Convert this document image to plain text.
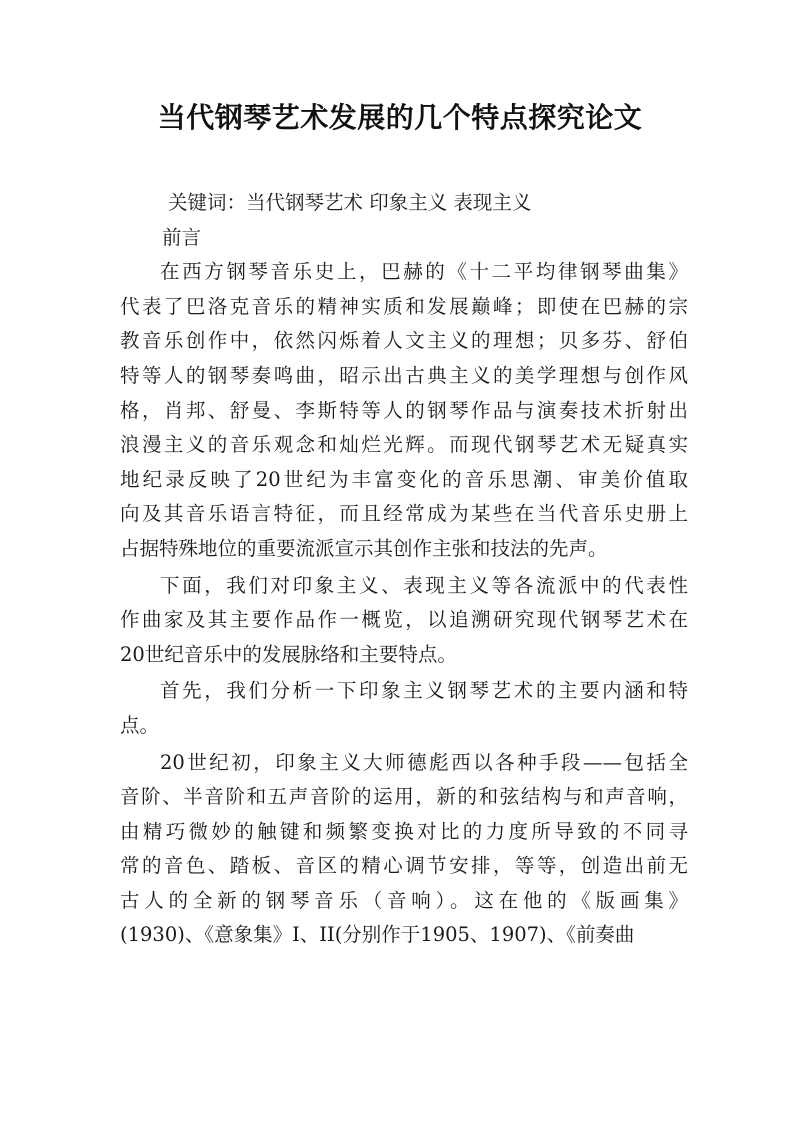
当代钢琴艺术发展的几个特点探究论文

关键词：当代钢琴艺术 印象主义 表现主义

前言

在西方钢琴音乐史上，巴赫的《十二平均律钢琴曲集》
代表了巴洛克音乐的精神实质和发展巅峰；即使在巴赫的宗
教音乐创作中，依然闪烁着人文主义的理想；贝多芬、舒伯
特等人的钢琴奏鸣曲，昭示出古典主义的美学理想与创作风
格，肖邦、舒曼、李斯特等人的钢琴作品与演奏技术折射出
浪漫主义的音乐观念和灿烂光辉。而现代钢琴艺术无疑真实
地纪录反映了20世纪为丰富变化的音乐思潮、审美价值取
向及其音乐语言特征，而且经常成为某些在当代音乐史册上
占据特殊地位的重要流派宣示其创作主张和技法的先声。
下面，我们对印象主义、表现主义等各流派中的代表性
作曲家及其主要作品作一概览，以追溯研究现代钢琴艺术在
20世纪音乐中的发展脉络和主要特点。
首先，我们分析一下印象主义钢琴艺术的主要内涵和特
点。
20世纪初，印象主义大师德彪西以各种手段——包括全
音阶、半音阶和五声音阶的运用，新的和弦结构与和声音响，
由精巧微妙的触键和频繁变换对比的力度所导致的不同寻
常的音色、踏板、音区的精心调节安排，等等，创造出前无
古人的全新的钢琴音乐（音响）。这在他的《版画集》
(1930)、《意象集》I、II(分别作于1905、1907)、《前奏曲
